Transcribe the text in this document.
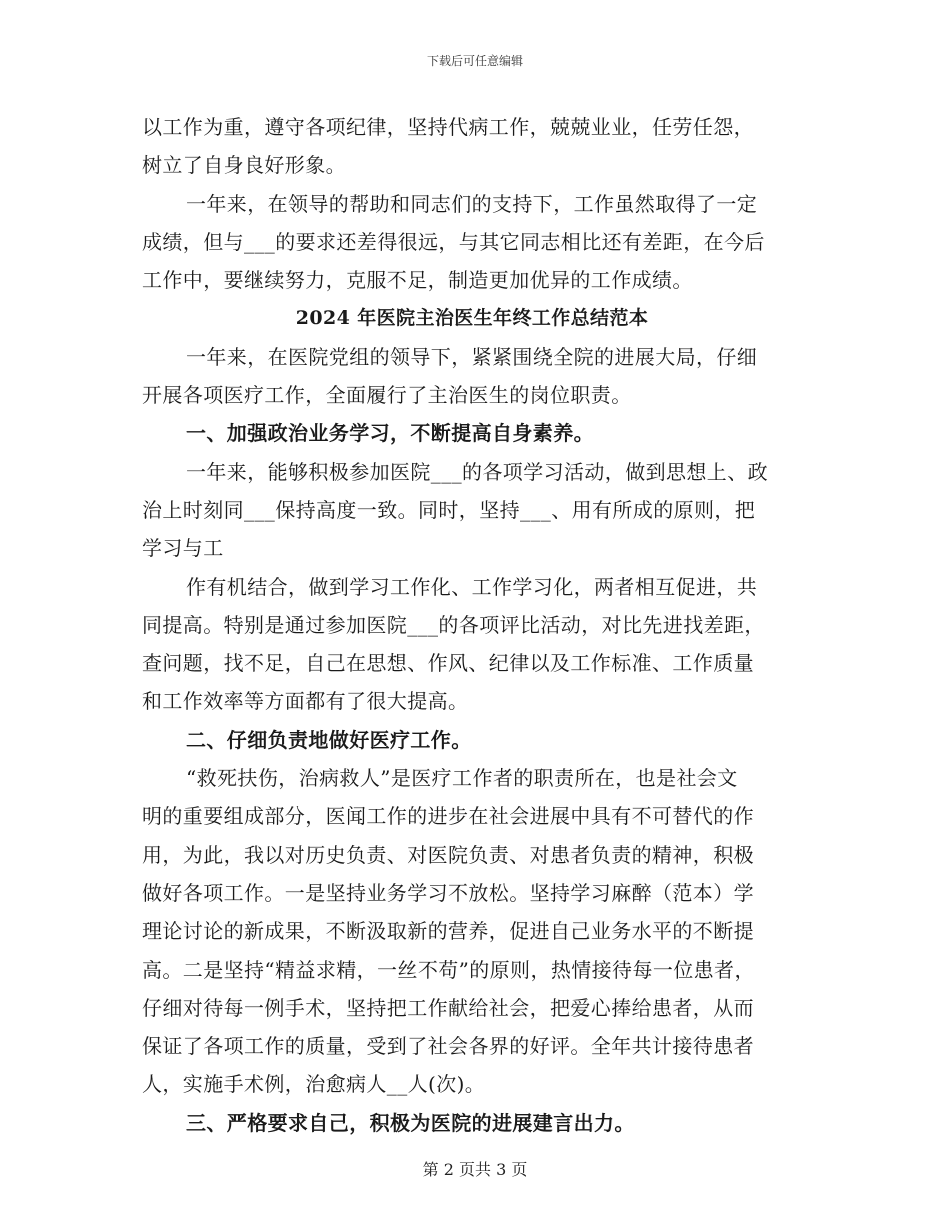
下载后可任意编辑
以工作为重，遵守各项纪律，坚持代病工作，兢兢业业，任劳任怨，
树立了自身良好形象。
一年来，在领导的帮助和同志们的支持下，工作虽然取得了一定
成绩，但与___的要求还差得很远，与其它同志相比还有差距，在今后
工作中，要继续努力，克服不足，制造更加优异的工作成绩。
2024 年医院主治医生年终工作总结范本
一年来，在医院党组的领导下，紧紧围绕全院的进展大局，仔细
开展各项医疗工作，全面履行了主治医生的岗位职责。
一、加强政治业务学习，不断提高自身素养。
一年来，能够积极参加医院___的各项学习活动，做到思想上、政
治上时刻同___保持高度一致。同时，坚持___、用有所成的原则，把
学习与工
作有机结合，做到学习工作化、工作学习化，两者相互促进，共
同提高。特别是通过参加医院___的各项评比活动，对比先进找差距，
查问题，找不足，自己在思想、作风、纪律以及工作标准、工作质量
和工作效率等方面都有了很大提高。
二、仔细负责地做好医疗工作。
“救死扶伤，治病救人”是医疗工作者的职责所在，也是社会文
明的重要组成部分，医闻工作的进步在社会进展中具有不可替代的作
用，为此，我以对历史负责、对医院负责、对患者负责的精神，积极
做好各项工作。一是坚持业务学习不放松。坚持学习麻醉（范本）学
理论讨论的新成果，不断汲取新的营养，促进自己业务水平的不断提
高。二是坚持“精益求精，一丝不苟”的原则，热情接待每一位患者，
仔细对待每一例手术，坚持把工作献给社会，把爱心捧给患者，从而
保证了各项工作的质量，受到了社会各界的好评。全年共计接待患者
人，实施手术例，治愈病人__人(次)。
三、严格要求自己，积极为医院的进展建言出力。
第 2 页共 3 页
